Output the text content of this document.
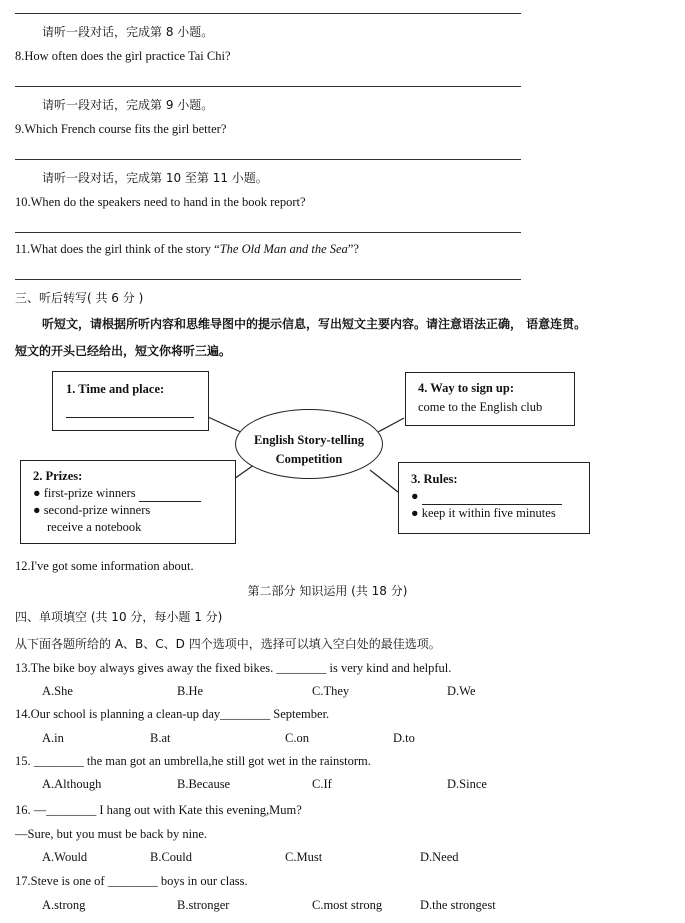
请听一段对话，完成第 8 小题。
8.How often does the girl practice Tai Chi?
请听一段对话，完成第 9 小题。
9.Which French course fits the girl better?
请听一段对话，完成第 10 至第 11 小题。
10.When do the speakers need to hand in the book report?
11.What does the girl think of the story “The Old Man and the Sea”?
三、听后转写( 共 6 分 )
听短文，请根据所听内容和思维导图中的提示信息，写出短文主要内容。请注意语法正确， 语意连贯。
短文的开头已经给出，短文你将听三遍。
English Story-telling
Competition
1. Time and place:
	4. Way to sign up:
come to the English club
2. Prizes:
● first-prize winners
● second-prize winners
receive a notebook
3. Rules:
●
● keep it within five minutes
12.I've got some information about.
第二部分 知识运用 (共 18 分)
四、单项填空 (共 10 分，每小题 1 分)
从下面各题所给的 A、B、C、D 四个选项中，选择可以填入空白处的最佳选项。
13.The bike boy always gives away the fixed bikes. ________ is very kind and helpful.
A.She	B.He	C.They	D.We
14.Our school is planning a clean-up day________ September.
A.in	B.at	C.on	D.to
15. ________ the man got an umbrella,he still got wet in the rainstorm.
A.Although	B.Because	C.If	D.Since
16. —________ I hang out with Kate this evening,Mum?
—Sure, but you must be back by nine.
A.Would	B.Could	C.Must	D.Need
17.Steve is one of ________ boys in our class.
A.strong	B.stronger	C.most strong	D.the strongest
